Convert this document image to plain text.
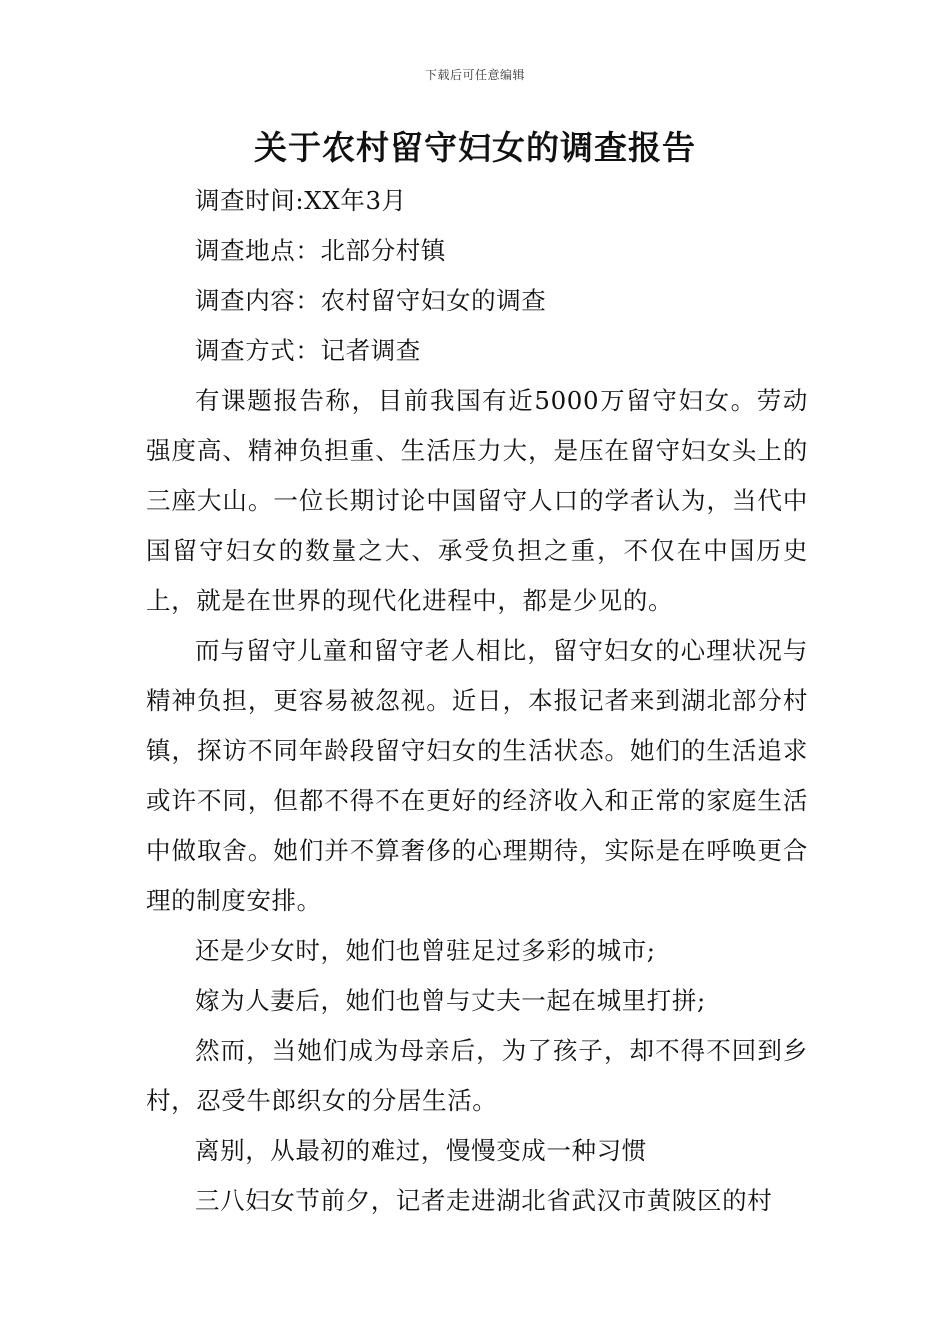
下载后可任意编辑
关于农村留守妇女的调查报告

调查时间:XX年3月

调查地点：北部分村镇

调查内容：农村留守妇女的调查

调查方式：记者调查

有课题报告称，目前我国有近5000万留守妇女。劳动强度高、精神负担重、生活压力大，是压在留守妇女头上的三座大山。一位长期讨论中国留守人口的学者认为，当代中国留守妇女的数量之大、承受负担之重，不仅在中国历史上，就是在世界的现代化进程中，都是少见的。

而与留守儿童和留守老人相比，留守妇女的心理状况与精神负担，更容易被忽视。近日，本报记者来到湖北部分村镇，探访不同年龄段留守妇女的生活状态。她们的生活追求或许不同，但都不得不在更好的经济收入和正常的家庭生活中做取舍。她们并不算奢侈的心理期待，实际是在呼唤更合理的制度安排。

还是少女时，她们也曾驻足过多彩的城市;

嫁为人妻后，她们也曾与丈夫一起在城里打拼;

然而，当她们成为母亲后，为了孩子，却不得不回到乡村，忍受牛郎织女的分居生活。

离别，从最初的难过，慢慢变成一种习惯

三八妇女节前夕，记者走进湖北省武汉市黄陂区的村
